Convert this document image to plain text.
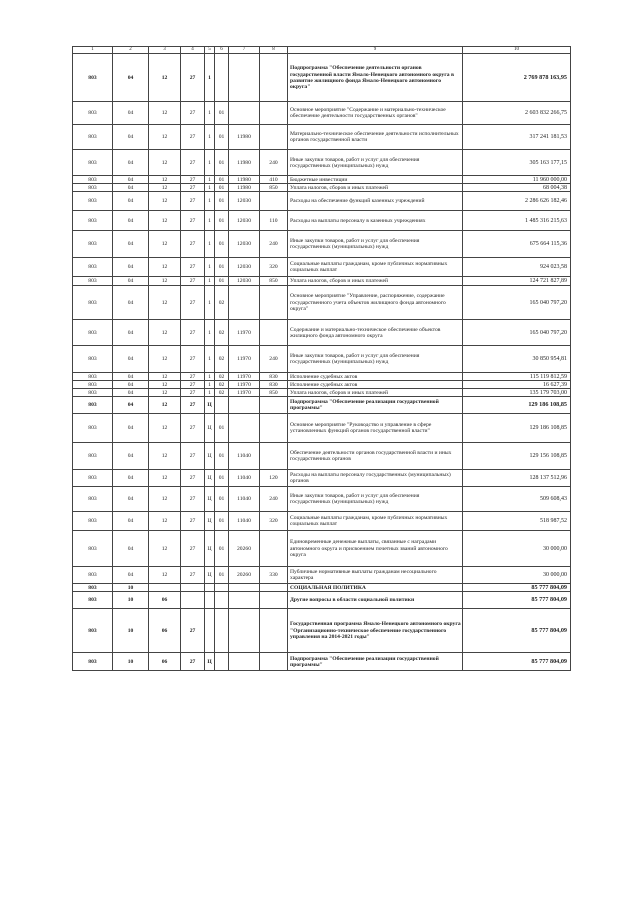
1	2	3	4	5	6	7	8	9	10
803	04	12	27	1				Подпрограмма "Обеспечение деятельности органов государственной власти Ямало-Ненецкого автономного округа в развитие жилищного фонда Ямало-Ненецкого автономного округа"	2 769 878 163,95
803	04	12	27	1	01			Основное мероприятие "Содержание и материально-техническое обеспечение деятельности государственных органов"	2 603 832 266,75
803	04	12	27	1	01	11980		Материально-техническое обеспечение деятельности исполнительных органов государственной власти	317 241 181,53
803	04	12	27	1	01	11980	240	Иные закупки товаров, работ и услуг для обеспечения государственных (муниципальных) нужд	305 163 177,15
803	04	12	27	1	01	11980	410	Бюджетные инвестиции	11 960 000,00
803	04	12	27	1	01	11980	850	Уплата налогов, сборов и иных платежей	68 004,38
803	04	12	27	1	01	12030		Расходы на обеспечение функций казенных учреждений	2 286 626 182,46
803	04	12	27	1	01	12030	110	Расходы на выплаты персоналу в казенных учреждениях	1 485 316 215,63
803	04	12	27	1	01	12030	240	Иные закупки товаров, работ и услуг для обеспечения государственных (муниципальных) нужд	675 664 115,36
803	04	12	27	1	01	12030	320	Социальные выплаты гражданам, кроме публичных нормативных социальных выплат	924 023,58
803	04	12	27	1	01	12030	850	Уплата налогов, сборов и иных платежей	124 721 827,89
803	04	12	27	1	02			Основное мероприятие "Управление, распоряжение, содержание государственного учета объектов жилищного фонда автономного округа"	165 040 797,20
803	04	12	27	1	02	11970		Содержание и материально-техническое обеспечение объектов жилищного фонда автономного округа	165 040 797,20
803	04	12	27	1	02	11970	240	Иные закупки товаров, работ и услуг для обеспечения государственных (муниципальных) нужд	30 850 954,81
803	04	12	27	1	02	11970	830	Исполнение судебных актов	115 119 812,59
803	04	12	27	1	02	11970	830	Исполнение судебных актов	16 627,39
803	04	12	27	1	02	11970	850	Уплата налогов, сборов и иных платежей	135 179 703,00
803	04	12	27	Ц				Подпрограмма "Обеспечение реализации государственной программы"	129 186 108,85
803	04	12	27	Ц	01			Основное мероприятие "Руководство и управление в сфере установленных функций органов государственной власти"	129 186 108,85
803	04	12	27	Ц	01	11040		Обеспечение деятельности органов государственной власти и иных государственных органов	129 156 108,85
803	04	12	27	Ц	01	11040	120	Расходы на выплаты персоналу государственных (муниципальных) органов	128 137 512,96
803	04	12	27	Ц	01	11040	240	Иные закупки товаров, работ и услуг для обеспечения государственных (муниципальных) нужд	509 608,43
803	04	12	27	Ц	01	11040	320	Социальные выплаты гражданам, кроме публичных нормативных социальных выплат	518 987,52
803	04	12	27	Ц	01	20260		Единовременные денежные выплаты, связанные с наградами автономного округа и присвоением почетных званий автономного округа	30 000,00
803	04	12	27	Ц	01	20260	330	Публичные нормативные выплаты гражданам несоциального характера	30 000,00
803	10							СОЦИАЛЬНАЯ ПОЛИТИКА	85 777 804,09
803	10	06						Другие вопросы в области социальной политики	85 777 804,09
803	10	06	27					Государственная программа Ямало-Ненецкого автономного округа "Организационно-техническое обеспечение государственного управления на 2014-2021 годы"	85 777 804,09
803	10	06	27	Ц				Подпрограмма "Обеспечение реализации государственной программы"	85 777 804,09
